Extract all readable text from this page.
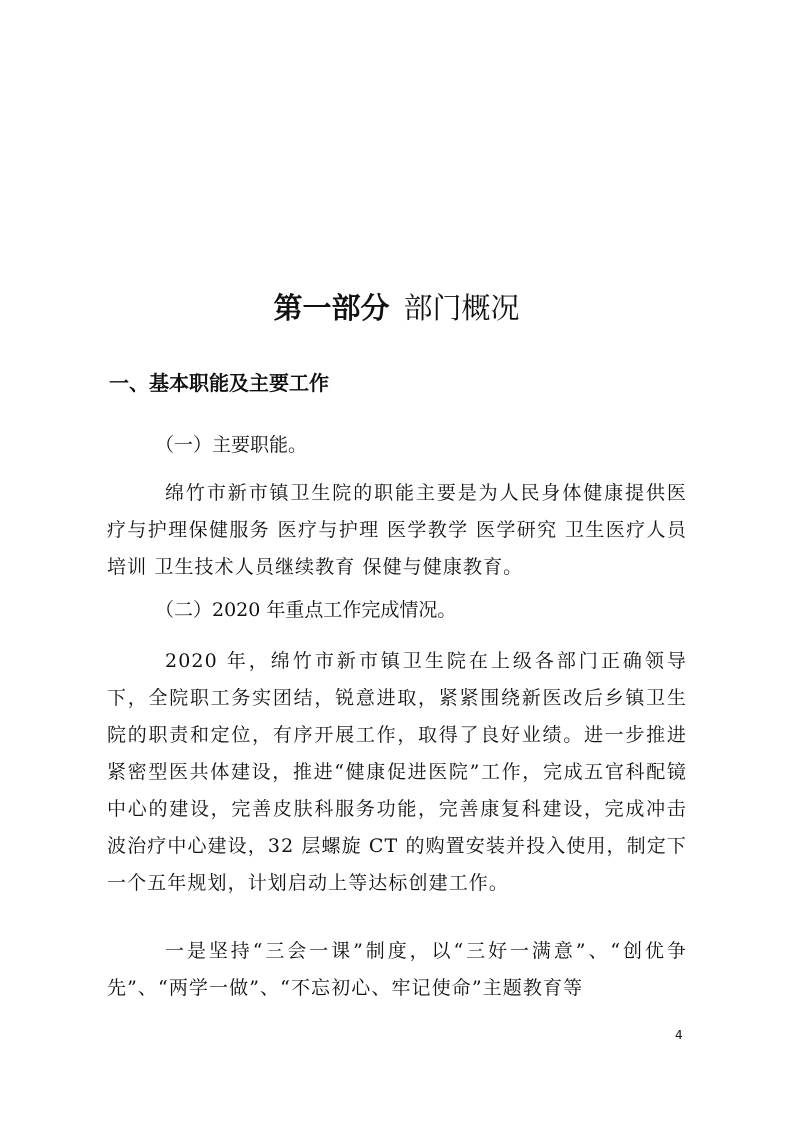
第一部分 部门概况
一、基本职能及主要工作
（一）主要职能。

绵竹市新市镇卫生院的职能主要是为人民身体健康提供医疗与护理保健服务 医疗与护理 医学教学 医学研究 卫生医疗人员培训 卫生技术人员继续教育 保健与健康教育。

（二）2020 年重点工作完成情况。

2020 年，绵竹市新市镇卫生院在上级各部门正确领导下，全院职工务实团结，锐意进取，紧紧围绕新医改后乡镇卫生院的职责和定位，有序开展工作，取得了良好业绩。进一步推进紧密型医共体建设，推进“健康促进医院”工作，完成五官科配镜中心的建设，完善皮肤科服务功能，完善康复科建设，完成冲击波治疗中心建设，32 层螺旋 CT 的购置安装并投入使用，制定下一个五年规划，计划启动上等达标创建工作。

一是坚持“三会一课”制度，以“三好一满意”、“创优争先”、“两学一做”、“不忘初心、牢记使命”主题教育等

4
